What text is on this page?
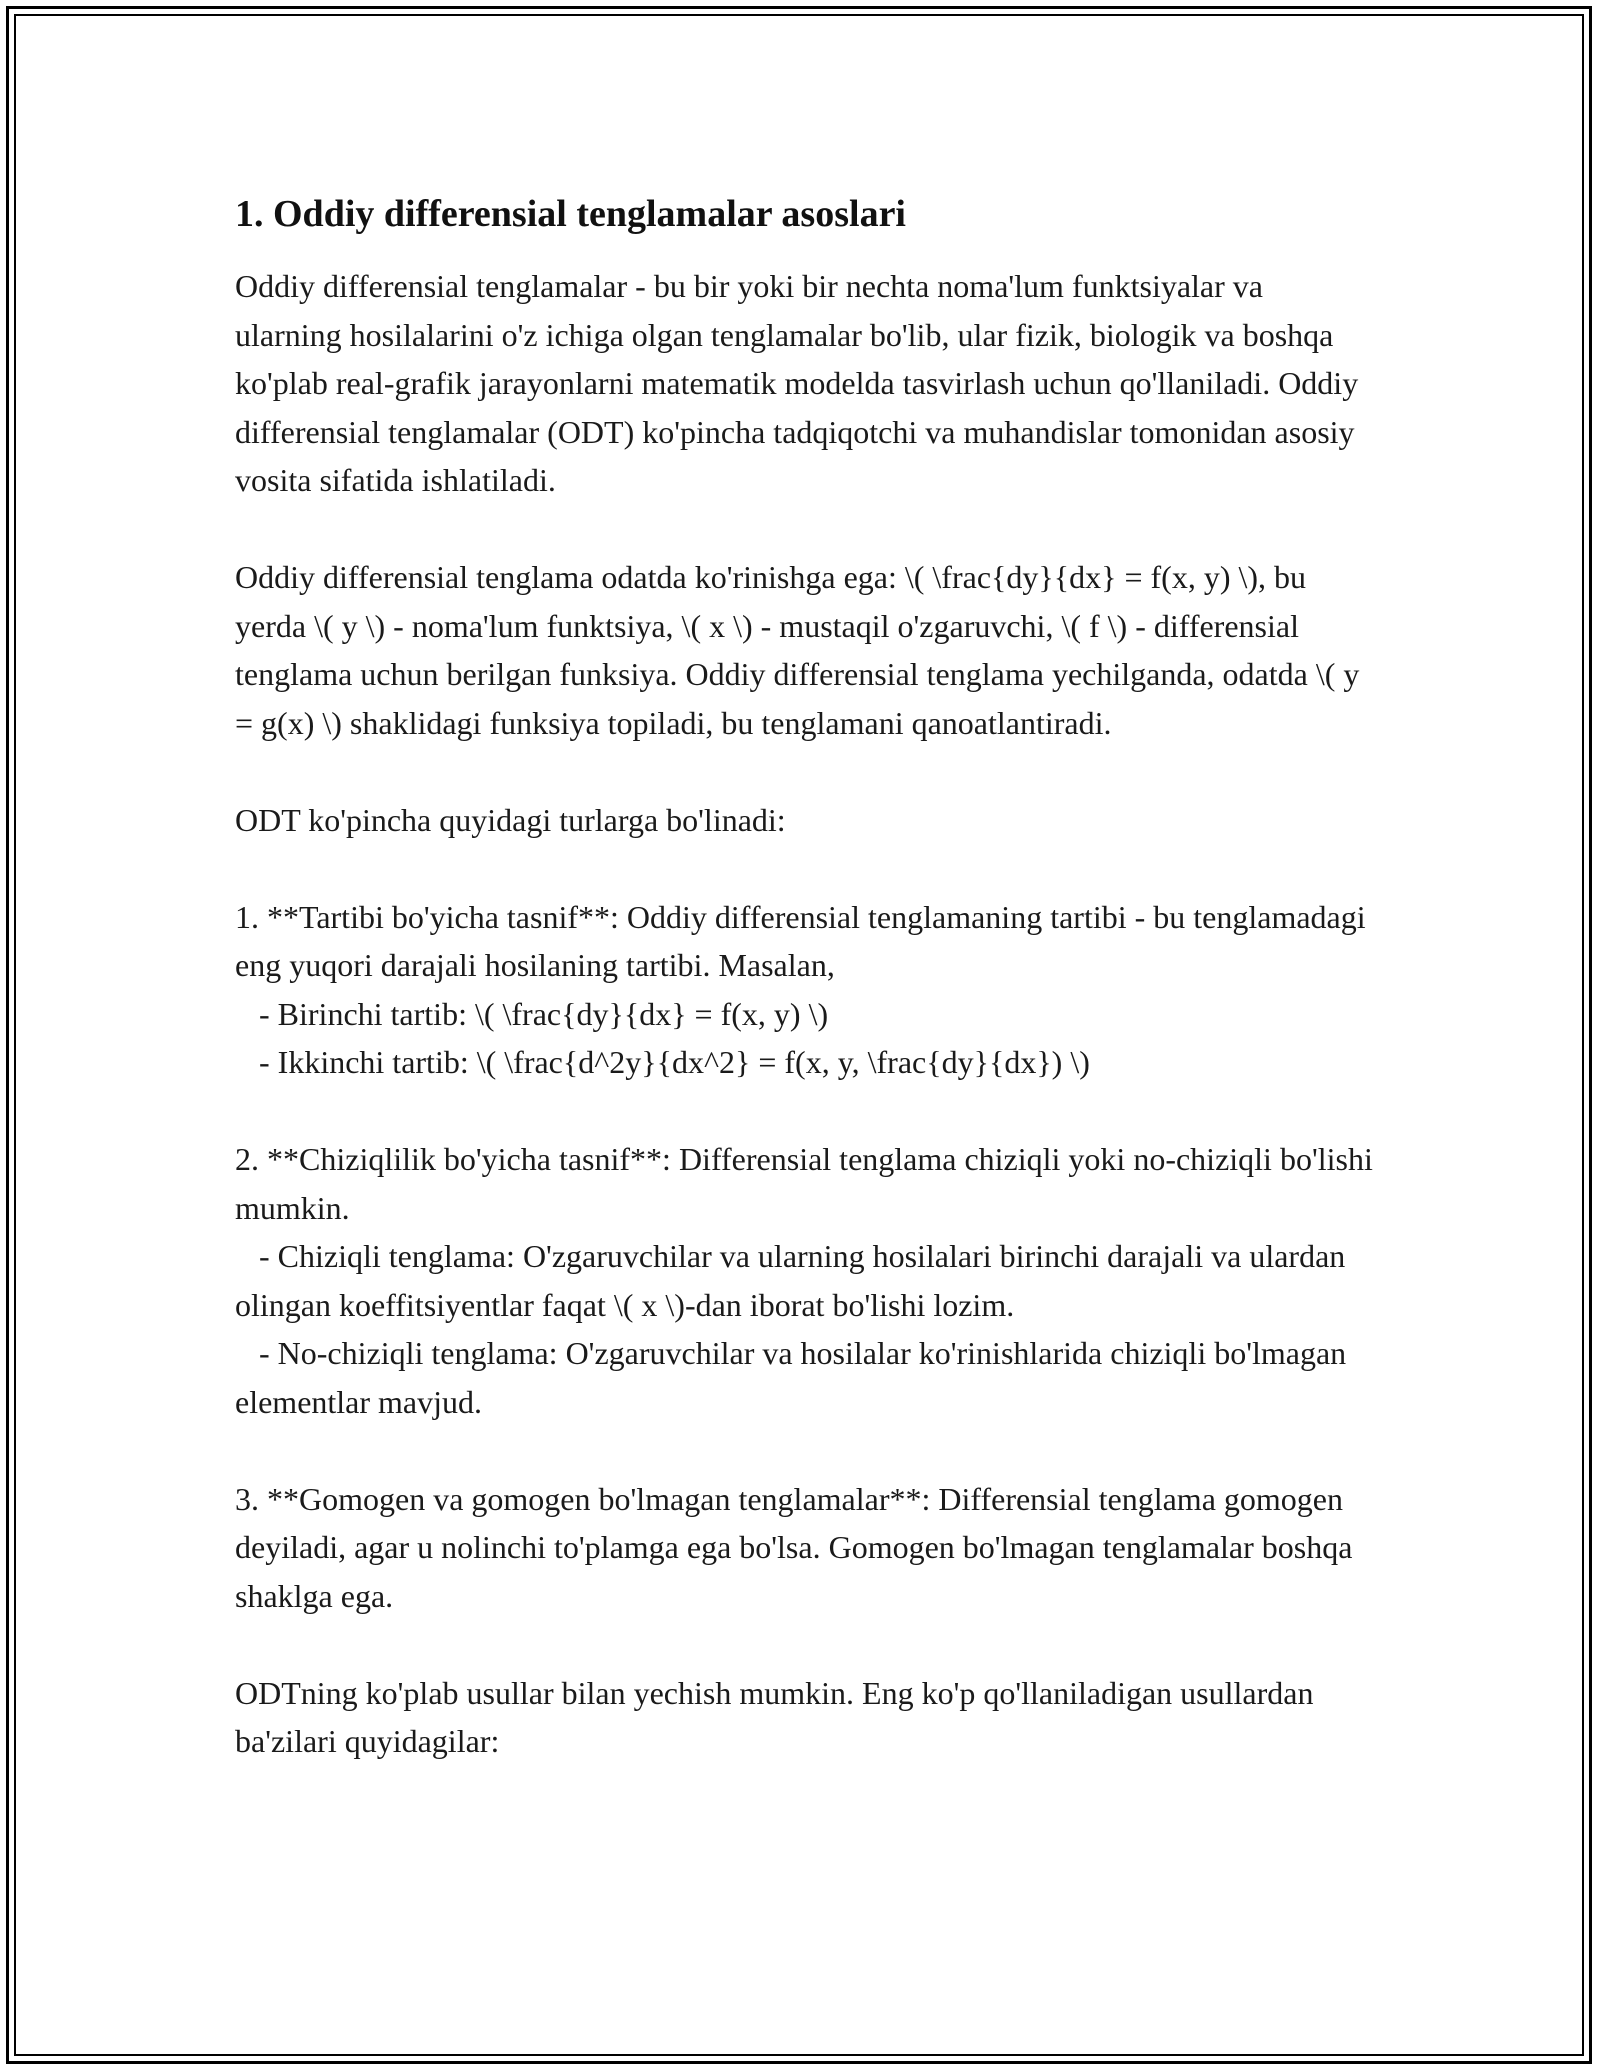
1. Oddiy differensial tenglamalar asoslari

Oddiy differensial tenglamalar - bu bir yoki bir nechta noma'lum funktsiyalar va ularning hosilalarini o'z ichiga olgan tenglamalar bo'lib, ular fizik, biologik va boshqa ko'plab real-grafik jarayonlarni matematik modelda tasvirlash uchun qo'llaniladi. Oddiy differensial tenglamalar (ODT) ko'pincha tadqiqotchi va muhandislar tomonidan asosiy vosita sifatida ishlatiladi.

Oddiy differensial tenglama odatda ko'rinishga ega: \( \frac{dy}{dx} = f(x, y) \), bu yerda \( y \) - noma'lum funktsiya, \( x \) - mustaqil o'zgaruvchi, \( f \) - differensial tenglama uchun berilgan funksiya. Oddiy differensial tenglama yechilganda, odatda \( y = g(x) \) shaklidagi funksiya topiladi, bu tenglamani qanoatlantiradi.

ODT ko'pincha quyidagi turlarga bo'linadi:

1. **Tartibi bo'yicha tasnif**: Oddiy differensial tenglamaning tartibi - bu tenglamadagi eng yuqori darajali hosilaning tartibi. Masalan,
- Birinchi tartib: \( \frac{dy}{dx} = f(x, y) \)
- Ikkinchi tartib: \( \frac{d^2y}{dx^2} = f(x, y, \frac{dy}{dx}) \)

2. **Chiziqlilik bo'yicha tasnif**: Differensial tenglama chiziqli yoki no-chiziqli bo'lishi mumkin.
- Chiziqli tenglama: O'zgaruvchilar va ularning hosilalari birinchi darajali va ulardan olingan koeffitsiyentlar faqat \( x \)-dan iborat bo'lishi lozim.
- No-chiziqli tenglama: O'zgaruvchilar va hosilalar ko'rinishlarida chiziqli bo'lmagan elementlar mavjud.

3. **Gomogen va gomogen bo'lmagan tenglamalar**: Differensial tenglama gomogen deyiladi, agar u nolinchi to'plamga ega bo'lsa. Gomogen bo'lmagan tenglamalar boshqa shaklga ega.

ODTning ko'plab usullar bilan yechish mumkin. Eng ko'p qo'llaniladigan usullardan ba'zilari quyidagilar:
